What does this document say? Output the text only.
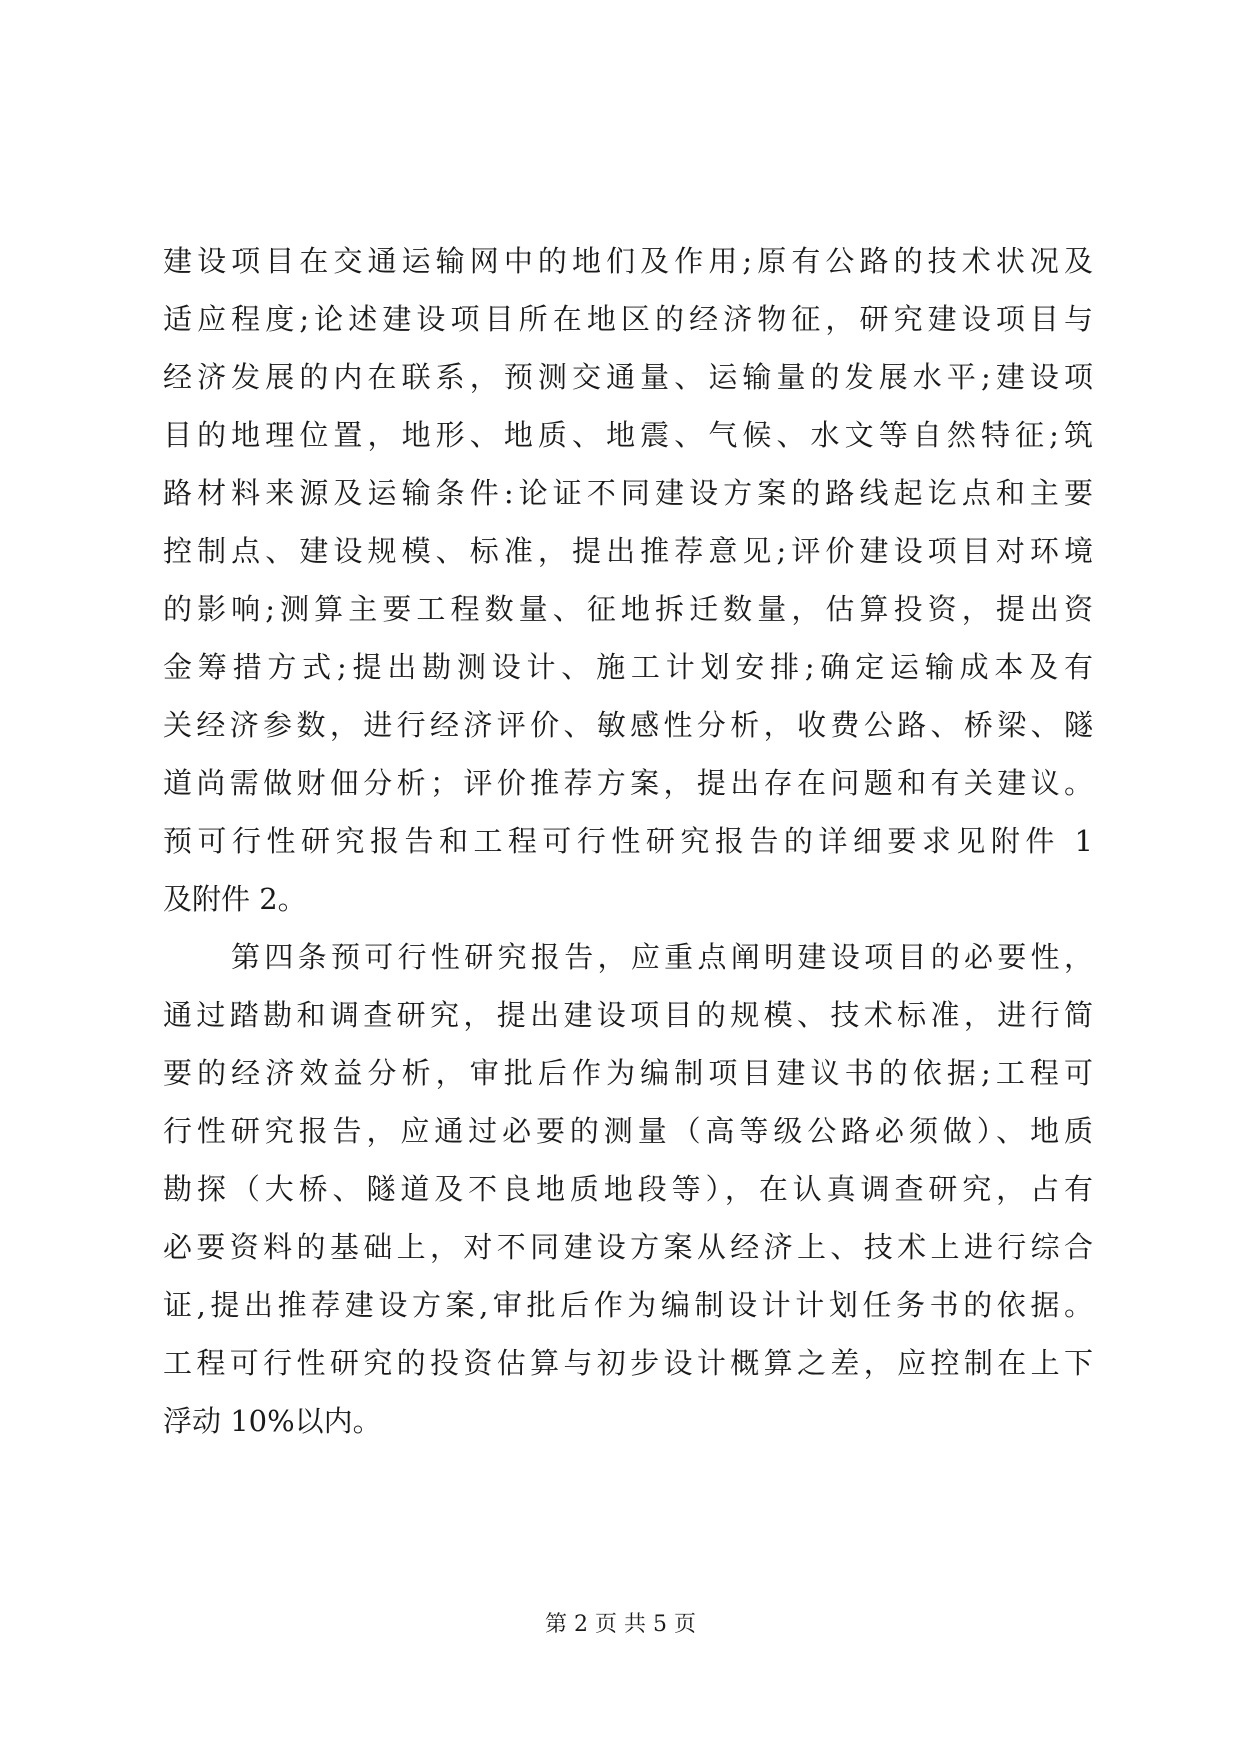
建设项目在交通运输网中的地们及作用;原有公路的技术状况及
适应程度;论述建设项目所在地区的经济物征，研究建设项目与
经济发展的内在联系，预测交通量、运输量的发展水平;建设项
目的地理位置，地形、地质、地震、气候、水文等自然特征;筑
路材料来源及运输条件:论证不同建设方案的路线起讫点和主要
控制点、建设规模、标准，提出推荐意见;评价建设项目对环境
的影响;测算主要工程数量、征地拆迁数量，估算投资，提出资
金筹措方式;提出勘测设计、施工计划安排;确定运输成本及有
关经济参数，进行经济评价、敏感性分析，收费公路、桥梁、隧
道尚需做财佃分析；评价推荐方案，提出存在问题和有关建议。
预可行性研究报告和工程可行性研究报告的详细要求见附件 1
及附件 2。
第四条预可行性研究报告，应重点阐明建设项目的必要性，
通过踏勘和调查研究，提出建设项目的规模、技术标准，进行简
要的经济效益分析，审批后作为编制项目建议书的依据;工程可
行性研究报告，应通过必要的测量（高等级公路必须做）、地质
勘探（大桥、隧道及不良地质地段等），在认真调查研究，占有
必要资料的基础上，对不同建设方案从经济上、技术上进行综合
证,提出推荐建设方案,审批后作为编制设计计划任务书的依据。
工程可行性研究的投资估算与初步设计概算之差，应控制在上下
浮动 10%以内。
第 2 页 共 5 页
